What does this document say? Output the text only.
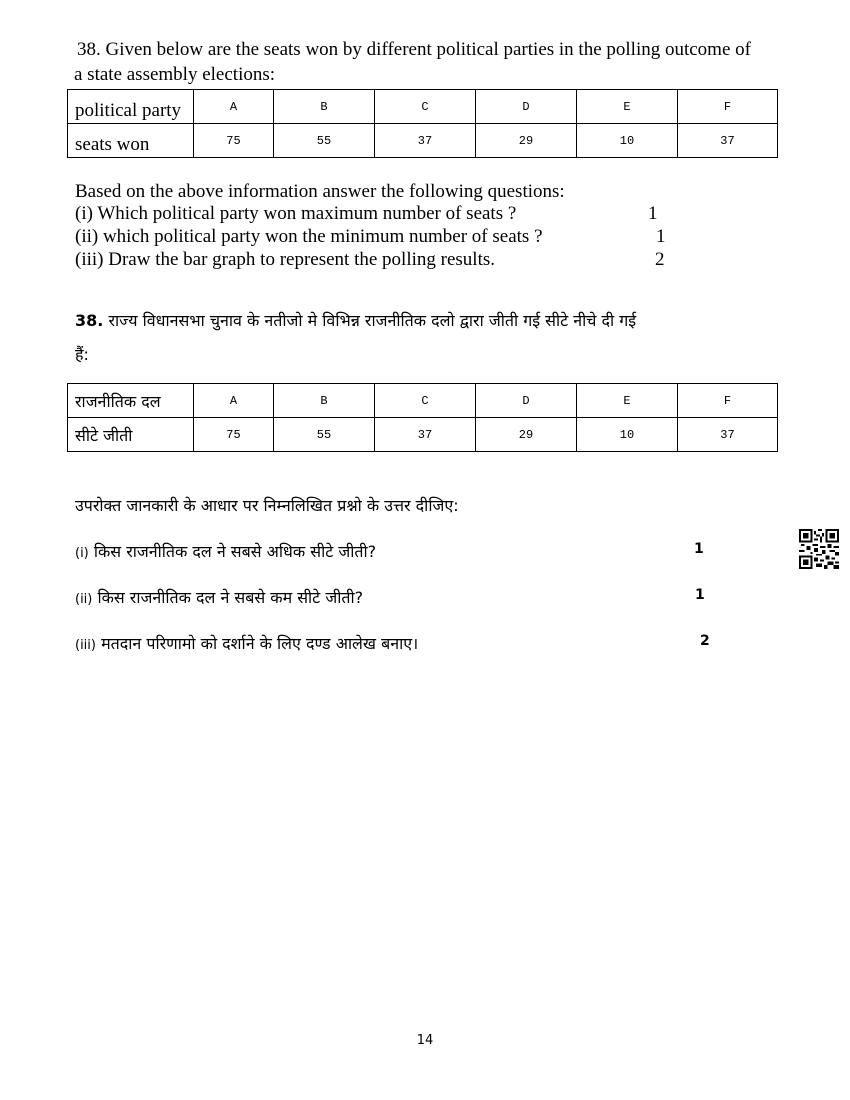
38. Given below are the seats won by different political parties in the polling outcome of
a state assembly elections:
political party	A	B	C	D	E	F
seats won	75	55	37	29	10	37
Based on the above information answer the following questions:
(i) Which political party won maximum number of seats ?	1
(ii) which political party won the minimum number of seats ?	1
(iii) Draw the bar graph to represent the polling results.	2
38. राज्य विधानसभा चुनाव के नतीजो मे विभिन्न राजनीतिक दलो द्वारा जीती गई सीटे नीचे दी गई
हैं:
राजनीतिक दल	A	B	C	D	E	F
सीटे जीती	75	55	37	29	10	37
उपरोक्त जानकारी के आधार पर निम्नलिखित प्रश्नो के उत्तर दीजिए:
(i) किस राजनीतिक दल ने सबसे अधिक सीटे जीती?	1
(ii) किस राजनीतिक दल ने सबसे कम सीटे जीती?	1
(iii) मतदान परिणामो को दर्शाने के लिए दण्ड आलेख बनाए।	2
14
